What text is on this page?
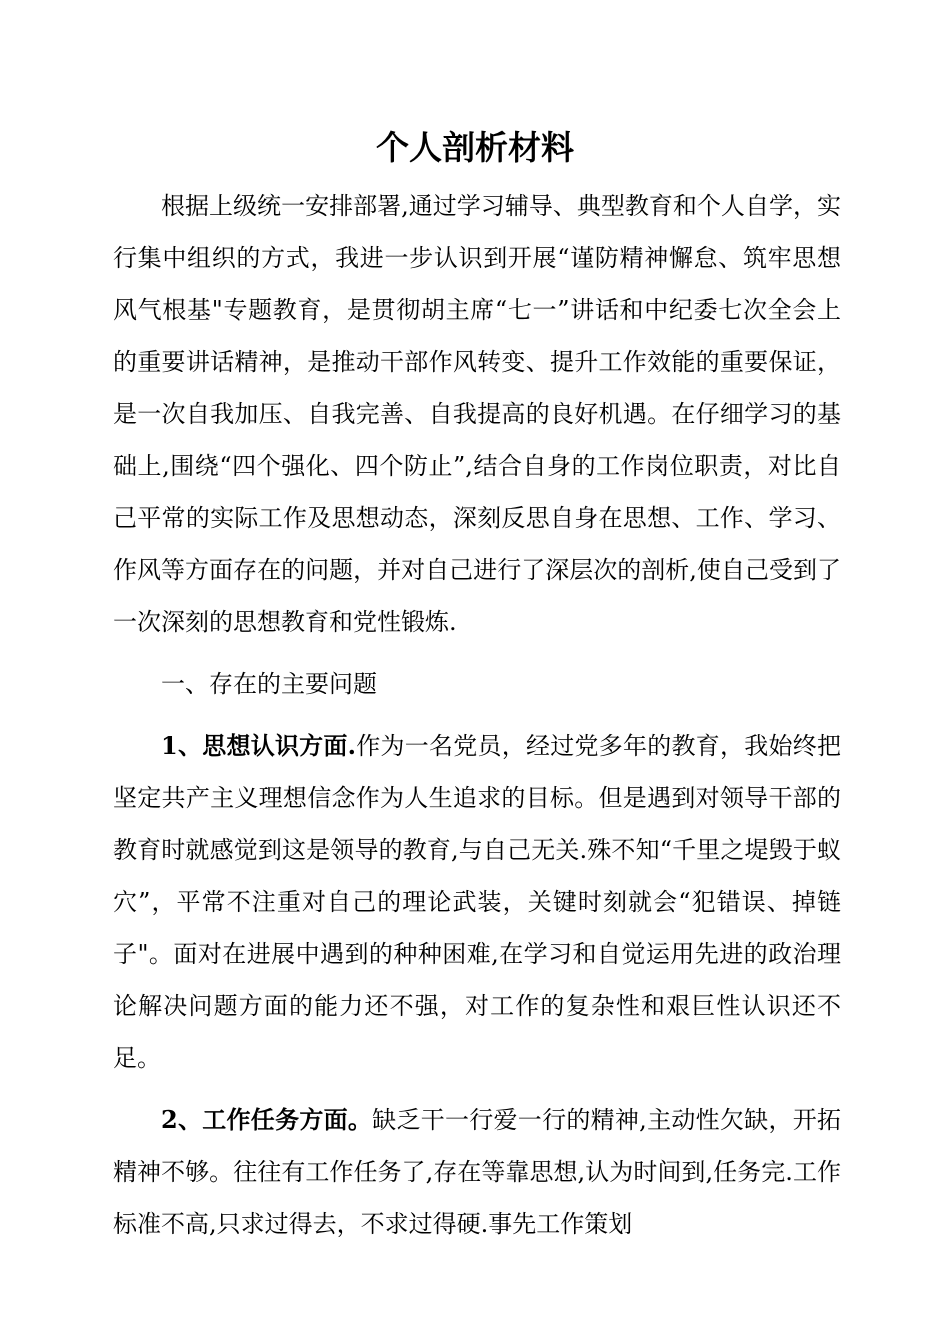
个人剖析材料

根据上级统一安排部署,通过学习辅导、典型教育和个人自学，实行集中组织的方式，我进一步认识到开展“谨防精神懈怠、筑牢思想风气根基"专题教育，是贯彻胡主席“七一”讲话和中纪委七次全会上的重要讲话精神，是推动干部作风转变、提升工作效能的重要保证，是一次自我加压、自我完善、自我提高的良好机遇。在仔细学习的基础上,围绕“四个强化、四个防止”,结合自身的工作岗位职责，对比自己平常的实际工作及思想动态，深刻反思自身在思想、工作、学习、作风等方面存在的问题，并对自己进行了深层次的剖析,使自己受到了一次深刻的思想教育和党性锻炼.

一、存在的主要问题

1、思想认识方面.作为一名党员，经过党多年的教育，我始终把坚定共产主义理想信念作为人生追求的目标。但是遇到对领导干部的教育时就感觉到这是领导的教育,与自己无关.殊不知“千里之堤毁于蚁穴”，平常不注重对自己的理论武装，关键时刻就会“犯错误、掉链子"。面对在进展中遇到的种种困难,在学习和自觉运用先进的政治理论解决问题方面的能力还不强，对工作的复杂性和艰巨性认识还不足。

2、工作任务方面。缺乏干一行爱一行的精神,主动性欠缺，开拓精神不够。往往有工作任务了,存在等靠思想,认为时间到,任务完.工作标准不高,只求过得去，不求过得硬.事先工作策划
